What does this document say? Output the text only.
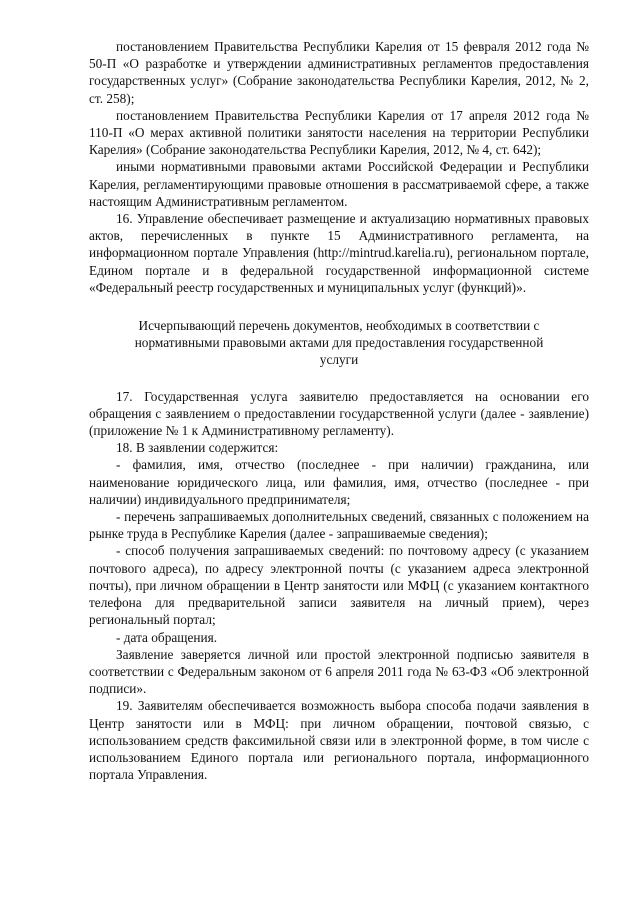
постановлением Правительства Республики Карелия от 15 февраля 2012 года № 50-П «О разработке и утверждении административных регламентов предоставления государственных услуг» (Собрание законодательства Республики Карелия, 2012, № 2, ст. 258);

постановлением Правительства Республики Карелия от 17 апреля 2012 года № 110-П «О мерах активной политики занятости населения на территории Республики Карелия» (Собрание законодательства Республики Карелия, 2012, № 4, ст. 642);

иными нормативными правовыми актами Российской Федерации и Республики Карелия, регламентирующими правовые отношения в рассматриваемой сфере, а также настоящим Административным регламентом.

16. Управление обеспечивает размещение и актуализацию нормативных правовых актов, перечисленных в пункте 15 Административного регламента, на информационном портале Управления (http://mintrud.karelia.ru), региональном портале, Едином портале и в федеральной государственной информационной системе «Федеральный реестр государственных и муниципальных услуг (функций)».

Исчерпывающий перечень документов, необходимых в соответствии с
нормативными правовыми актами для предоставления государственной
услуги

17. Государственная услуга заявителю предоставляется на основании его обращения с заявлением о предоставлении государственной услуги (далее - заявление) (приложение № 1 к Административному регламенту).

18. В заявлении содержится:

- фамилия, имя, отчество (последнее - при наличии) гражданина, или наименование юридического лица, или фамилия, имя, отчество (последнее - при наличии) индивидуального предпринимателя;

- перечень запрашиваемых дополнительных сведений, связанных с положением на рынке труда в Республике Карелия (далее - запрашиваемые сведения);

- способ получения запрашиваемых сведений: по почтовому адресу (с указанием почтового адреса), по адресу электронной почты (с указанием адреса электронной почты), при личном обращении в Центр занятости или МФЦ (с указанием контактного телефона для предварительной записи заявителя на личный прием), через региональный портал;

- дата обращения.

Заявление заверяется личной или простой электронной подписью заявителя в соответствии с Федеральным законом от 6 апреля 2011 года № 63-ФЗ «Об электронной подписи».

19. Заявителям обеспечивается возможность выбора способа подачи заявления в Центр занятости или в МФЦ: при личном обращении, почтовой связью, с использованием средств факсимильной связи или в электронной форме, в том числе с использованием Единого портала или регионального портала, информационного портала Управления.
